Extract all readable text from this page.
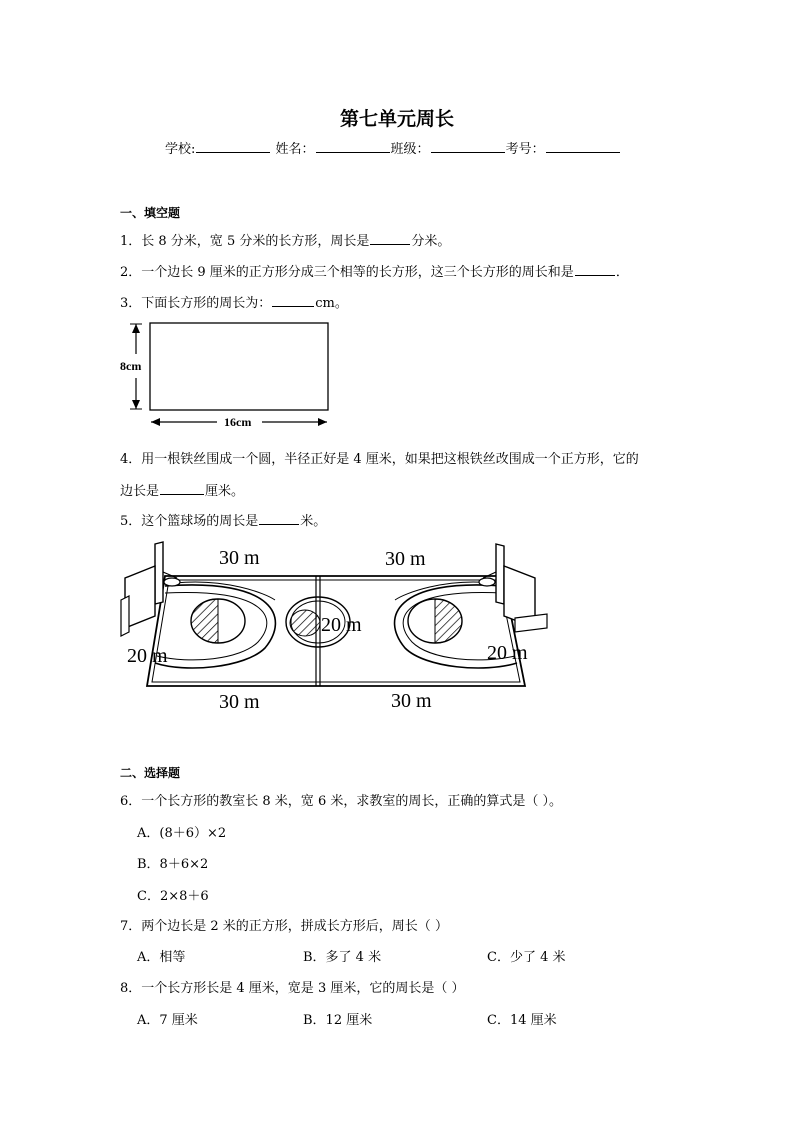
第七单元周长
学校:	姓名：	班级：	考号：
一、填空题
1．长 8 分米，宽 5 分米的长方形，周长是	分米。
2．一个边长 9 厘米的正方形分成三个相等的长方形，这三个长方形的周长和是	．
3．下面长方形的周长为：	cm。
8cm
16cm
4．用一根铁丝围成一个圆，半径正好是 4 厘米，如果把这根铁丝改围成一个正方形，它的
边长是	厘米。
5．这个篮球场的周长是	米。
30 m	30 m
30 m	30 m
20 m	20 m
20 m
二、选择题
6．一个长方形的教室长 8 米，宽 6 米，求教室的周长，正确的算式是（ ）。
A．(8＋6）×2
B．8＋6×2
C．2×8＋6
7．两个边长是 2 米的正方形，拼成长方形后，周长（ ）
A．相等	B．多了 4 米	C．少了 4 米
8．一个长方形长是 4 厘米，宽是 3 厘米，它的周长是（ ）
A．7 厘米	B．12 厘米	C．14 厘米
